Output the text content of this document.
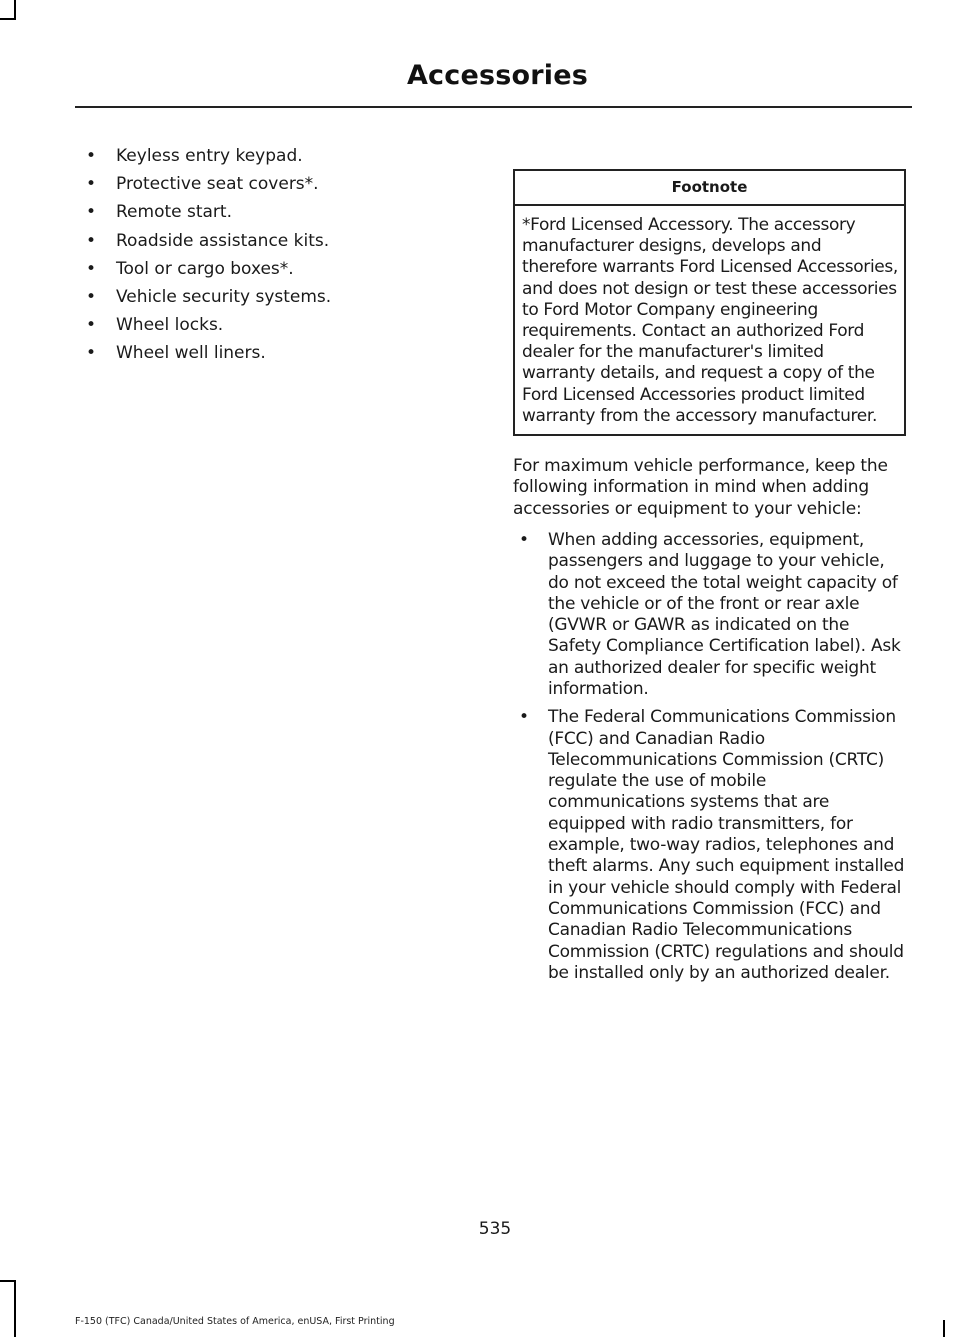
Accessories
• Keyless entry keypad.
• Protective seat covers*.
• Remote start.
• Roadside assistance kits.
• Tool or cargo boxes*.
• Vehicle security systems.
• Wheel locks.
• Wheel well liners.
Footnote
*Ford Licensed Accessory. The accessory manufacturer designs, develops and therefore warrants Ford Licensed Accessories, and does not design or test these accessories to Ford Motor Company engineering requirements. Contact an authorized Ford dealer for the manufacturer's limited warranty details, and request a copy of the Ford Licensed Accessories product limited warranty from the accessory manufacturer.
For maximum vehicle performance, keep the following information in mind when adding accessories or equipment to your vehicle:
• When adding accessories, equipment, passengers and luggage to your vehicle, do not exceed the total weight capacity of the vehicle or of the front or rear axle (GVWR or GAWR as indicated on the Safety Compliance Certification label). Ask an authorized dealer for specific weight information.
• The Federal Communications Commission (FCC) and Canadian Radio Telecommunications Commission (CRTC) regulate the use of mobile communications systems that are equipped with radio transmitters, for example, two-way radios, telephones and theft alarms. Any such equipment installed in your vehicle should comply with Federal Communications Commission (FCC) and Canadian Radio Telecommunications Commission (CRTC) regulations and should be installed only by an authorized dealer.
535
F-150 (TFC) Canada/United States of America, enUSA, First Printing
